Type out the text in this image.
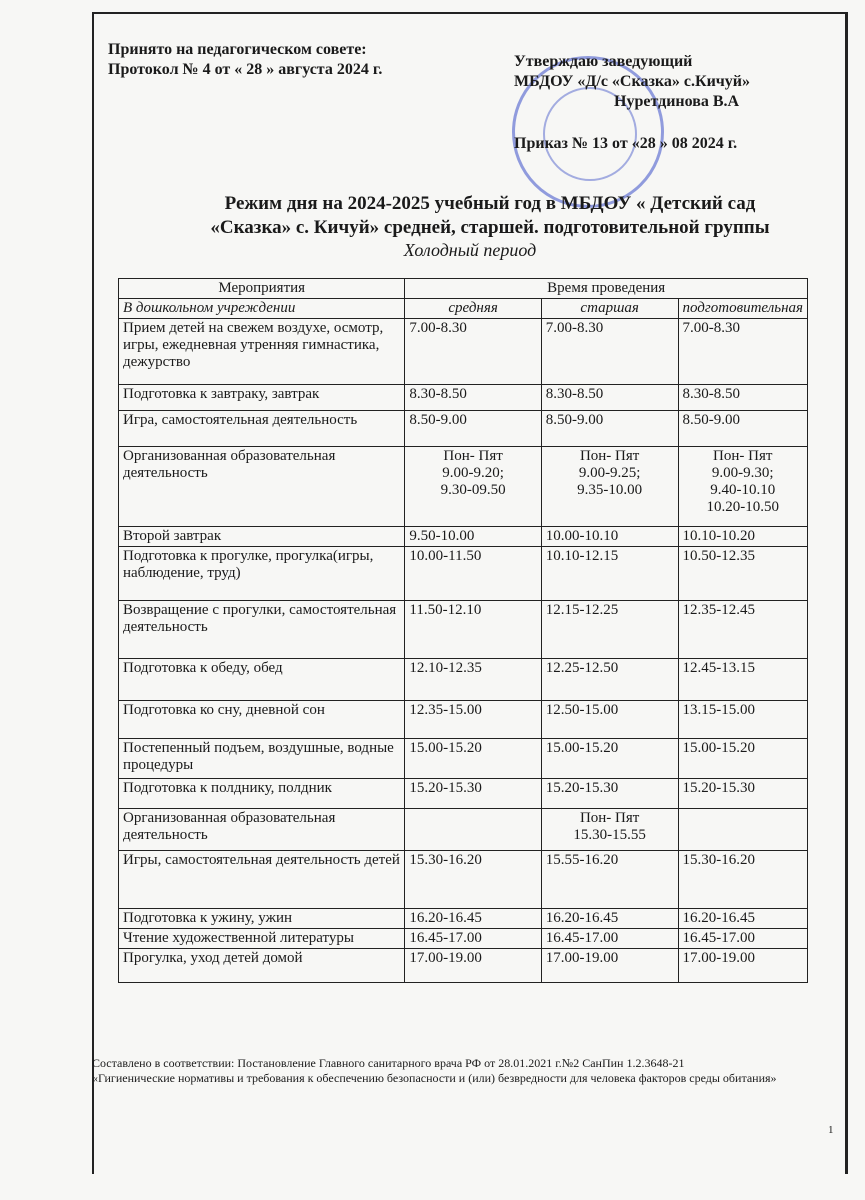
Принято на педагогическом совете:
Протокол № 4 от « 28 » августа 2024 г.	Утверждаю заведующий
МБДОУ «Д/с «Сказка» с.Кичуй»
Нуретдинова В.А
Приказ № 13 от «28 » 08 2024 г.
Режим дня на 2024-2025 учебный год в МБДОУ « Детский сад
«Сказка» с. Кичуй» средней, старшей. подготовительной группы
Холодный период
Мероприятия	Время проведения		
В дошкольном учреждении	средняя	старшая	подготовительная
Прием детей на свежем воздухе, осмотр, игры, ежедневная утренняя гимнастика, дежурство	7.00-8.30	7.00-8.30	7.00-8.30
Подготовка к завтраку, завтрак	8.30-8.50	8.30-8.50	8.30-8.50
Игра, самостоятельная деятельность	8.50-9.00	8.50-9.00	8.50-9.00
Организованная образовательная деятельность	Пон- Пят
9.00-9.20;
9.30-09.50	Пон- Пят
9.00-9.25;
9.35-10.00	Пон- Пят
9.00-9.30;
9.40-10.10
10.20-10.50
Второй завтрак	9.50-10.00	10.00-10.10	10.10-10.20
Подготовка к прогулке, прогулка(игры, наблюдение, труд)	10.00-11.50	10.10-12.15	10.50-12.35
Возвращение с прогулки, самостоятельная деятельность	11.50-12.10	12.15-12.25	12.35-12.45
Подготовка к обеду, обед	12.10-12.35	12.25-12.50	12.45-13.15
Подготовка ко сну, дневной сон	12.35-15.00	12.50-15.00	13.15-15.00
Постепенный подъем, воздушные, водные процедуры	15.00-15.20	15.00-15.20	15.00-15.20
Подготовка к полднику, полдник	15.20-15.30	15.20-15.30	15.20-15.30
Организованная образовательная деятельность		Пон- Пят
15.30-15.55	
Игры, самостоятельная деятельность детей	15.30-16.20	15.55-16.20	15.30-16.20
Подготовка к ужину, ужин	16.20-16.45	16.20-16.45	16.20-16.45
Чтение художественной литературы	16.45-17.00	16.45-17.00	16.45-17.00
Прогулка, уход детей домой	17.00-19.00	17.00-19.00	17.00-19.00
Составлено в соответствии: Постановление Главного санитарного врача РФ от 28.01.2021 г.№2 СанПин 1.2.3648-21
«Гигиенические нормативы и требования к обеспечению безопасности и (или) безвредности для человека факторов среды обитания»
1
